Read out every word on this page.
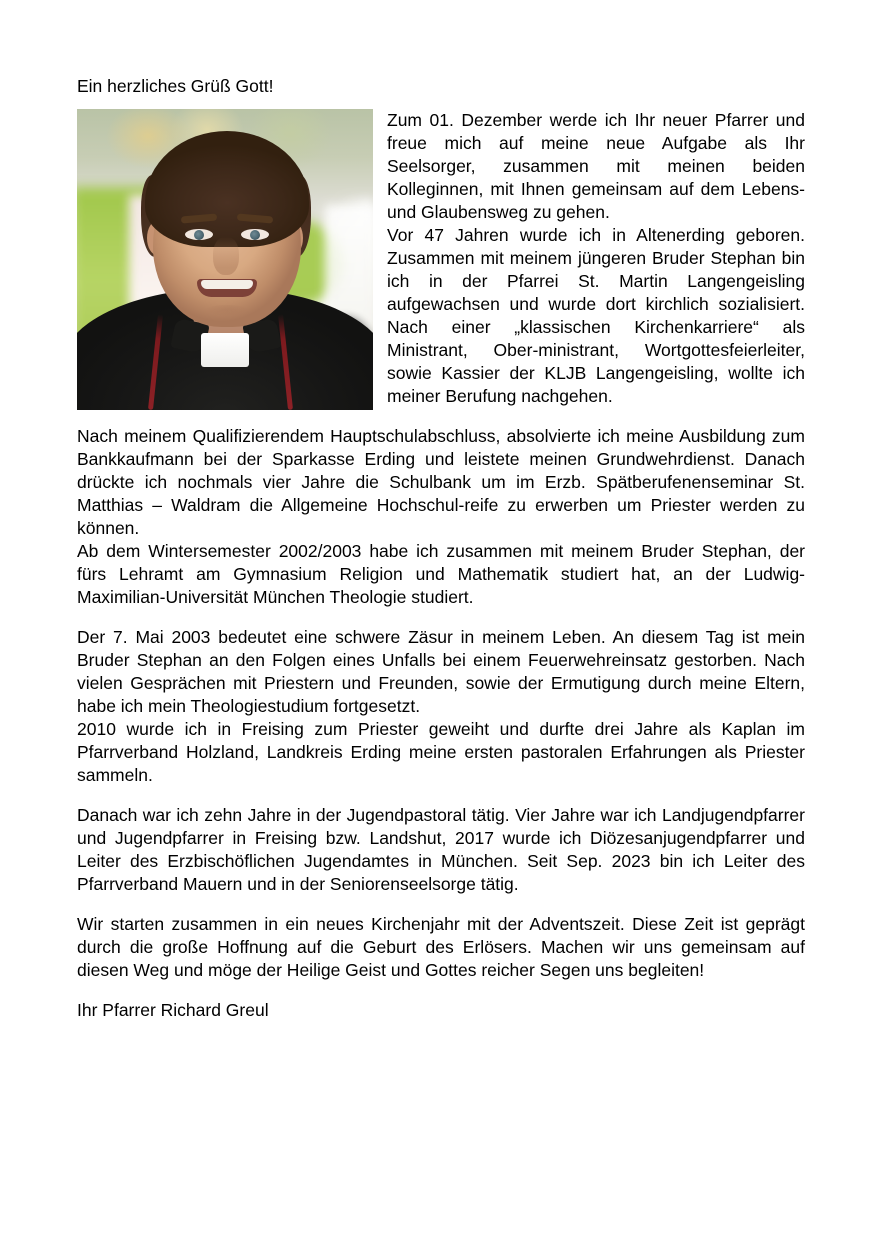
Ein herzliches Grüß Gott!

Zum 01. Dezember werde ich Ihr neuer Pfarrer und freue mich auf meine neue Aufgabe als Ihr Seelsorger, zusammen mit meinen beiden Kolleginnen, mit Ihnen gemeinsam auf dem Lebens- und Glaubensweg zu gehen.

Vor 47 Jahren wurde ich in Altenerding geboren. Zusammen mit meinem jüngeren Bruder Stephan bin ich in der Pfarrei St. Martin Langengeisling aufgewachsen und wurde dort kirchlich sozialisiert. Nach einer „klassischen Kirchenkarriere“ als Ministrant, Ober-ministrant, Wortgottesfeierleiter, sowie Kassier der KLJB Langengeisling, wollte ich meiner Berufung nachgehen.

Nach meinem Qualifizierendem Hauptschulabschluss, absolvierte ich meine Ausbildung zum Bankkaufmann bei der Sparkasse Erding und leistete meinen Grundwehrdienst. Danach drückte ich nochmals vier Jahre die Schulbank um im Erzb. Spätberufenenseminar St. Matthias – Waldram die Allgemeine Hochschul-reife zu erwerben um Priester werden zu können.

Ab dem Wintersemester 2002/2003 habe ich zusammen mit meinem Bruder Stephan, der fürs Lehramt am Gymnasium Religion und Mathematik studiert hat, an der Ludwig-Maximilian-Universität München Theologie studiert.

Der 7. Mai 2003 bedeutet eine schwere Zäsur in meinem Leben. An diesem Tag ist mein Bruder Stephan an den Folgen eines Unfalls bei einem Feuerwehreinsatz gestorben. Nach vielen Gesprächen mit Priestern und Freunden, sowie der Ermutigung durch meine Eltern, habe ich mein Theologiestudium fortgesetzt.

2010 wurde ich in Freising zum Priester geweiht und durfte drei Jahre als Kaplan im Pfarrverband Holzland, Landkreis Erding meine ersten pastoralen Erfahrungen als Priester sammeln.

Danach war ich zehn Jahre in der Jugendpastoral tätig. Vier Jahre war ich Landjugendpfarrer und Jugendpfarrer in Freising bzw. Landshut, 2017 wurde ich Diözesanjugendpfarrer und Leiter des Erzbischöflichen Jugendamtes in München. Seit Sep. 2023 bin ich Leiter des Pfarrverband Mauern und in der Seniorenseelsorge tätig.

Wir starten zusammen in ein neues Kirchenjahr mit der Adventszeit. Diese Zeit ist geprägt durch die große Hoffnung auf die Geburt des Erlösers. Machen wir uns gemeinsam auf diesen Weg und möge der Heilige Geist und Gottes reicher Segen uns begleiten!

Ihr Pfarrer Richard Greul
